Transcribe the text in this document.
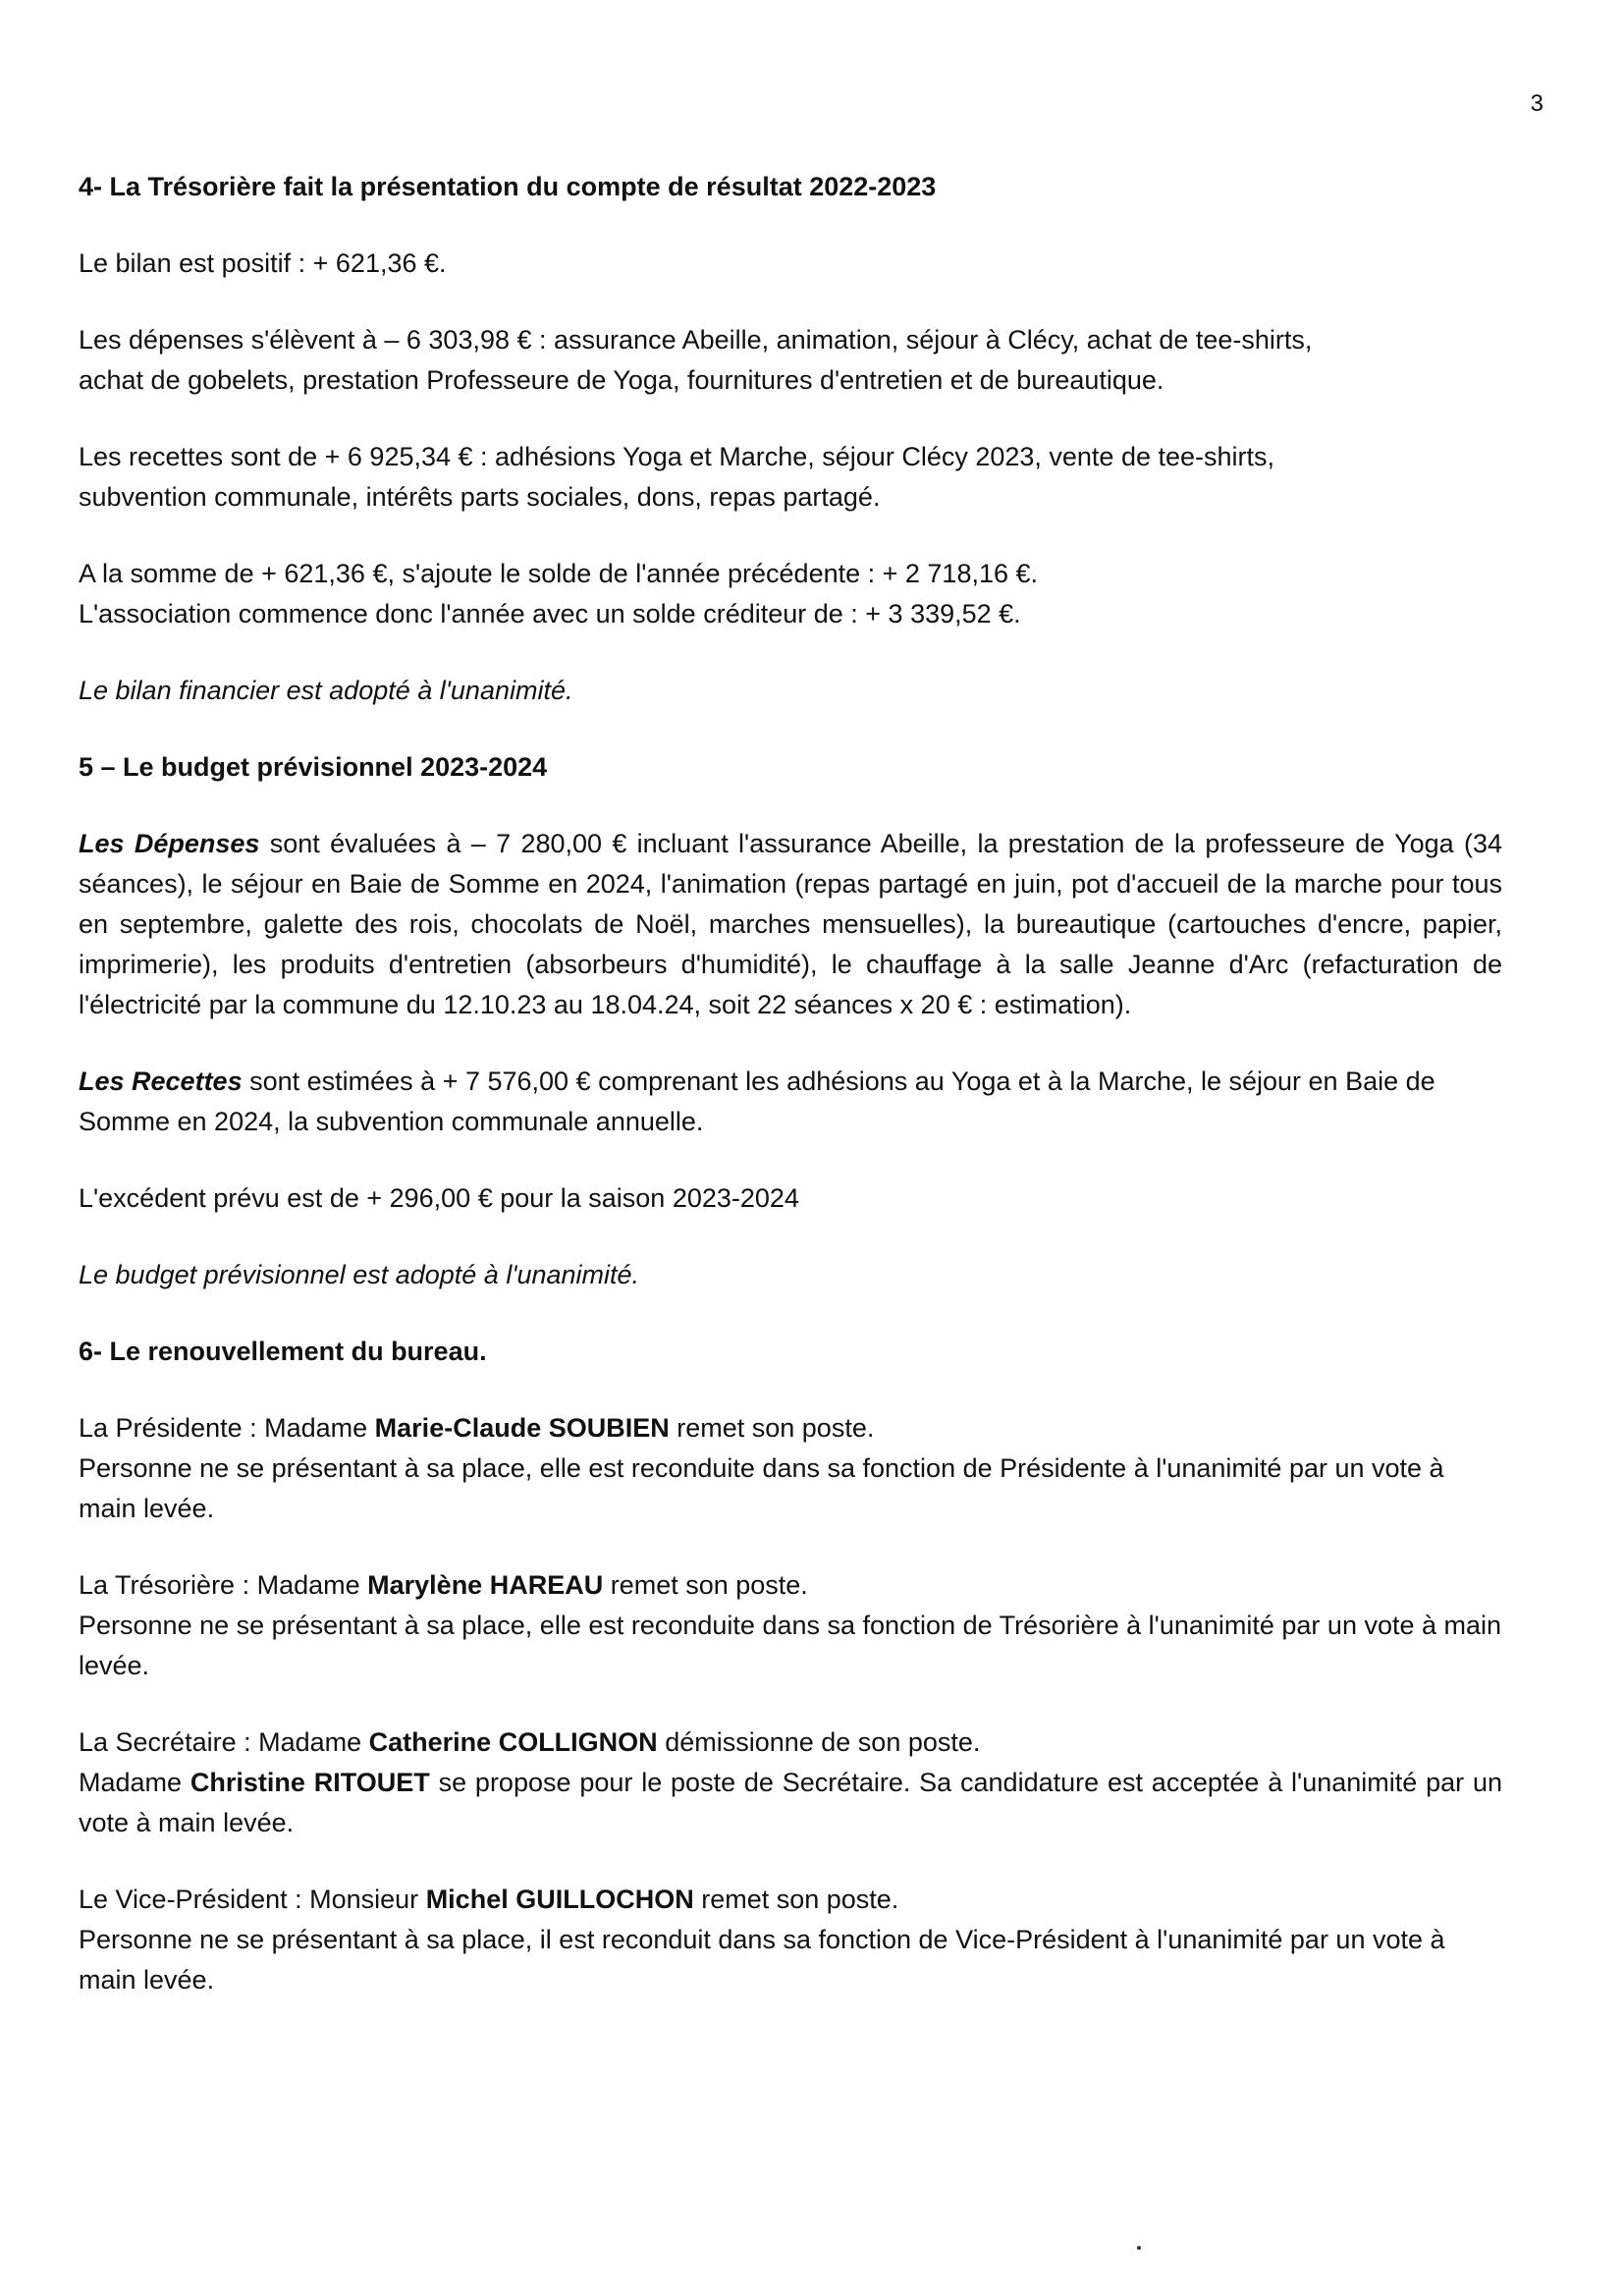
3
4- La Trésorière fait la présentation du compte de résultat 2022-2023
Le bilan est positif : + 621,36 €.
Les dépenses s'élèvent à – 6 303,98 € : assurance Abeille, animation, séjour à Clécy, achat de tee-shirts,
achat de gobelets, prestation Professeure de Yoga, fournitures d'entretien et de bureautique.
Les recettes sont de + 6 925,34 € : adhésions Yoga et Marche, séjour Clécy 2023, vente de tee-shirts,
subvention communale, intérêts parts sociales, dons, repas partagé.
A la somme de + 621,36 €, s'ajoute le solde de l'année précédente : + 2 718,16 €.
L'association commence donc l'année avec un solde créditeur de : + 3 339,52 €.
Le bilan financier est adopté à l'unanimité.
5 – Le budget prévisionnel 2023-2024
Les Dépenses sont évaluées à – 7 280,00 € incluant l'assurance Abeille, la prestation de la professeure de Yoga (34 séances), le séjour en Baie de Somme en 2024, l'animation (repas partagé en juin, pot d'accueil de la marche pour tous en septembre, galette des rois, chocolats de Noël, marches mensuelles), la bureautique (cartouches d'encre, papier, imprimerie), les produits d'entretien (absorbeurs d'humidité), le chauffage à la salle Jeanne d'Arc (refacturation de l'électricité par la commune du 12.10.23 au 18.04.24, soit 22 séances x 20 € : estimation).
Les Recettes sont estimées à + 7 576,00 € comprenant les adhésions au Yoga et à la Marche, le séjour en Baie de Somme en 2024, la subvention communale annuelle.
L'excédent prévu est de + 296,00 € pour la saison 2023-2024
Le budget prévisionnel est adopté à l'unanimité.
6- Le renouvellement du bureau.
La Présidente : Madame Marie-Claude SOUBIEN remet son poste.
Personne ne se présentant à sa place, elle est reconduite dans sa fonction de Présidente à l'unanimité par un vote à main levée.
La Trésorière : Madame Marylène HAREAU remet son poste.
Personne ne se présentant à sa place, elle est reconduite dans sa fonction de Trésorière à l'unanimité par un vote à main levée.
La Secrétaire : Madame Catherine COLLIGNON démissionne de son poste.
Madame Christine RITOUET se propose pour le poste de Secrétaire. Sa candidature est acceptée à l'unanimité par un vote à main levée.
Le Vice-Président : Monsieur Michel GUILLOCHON remet son poste.
Personne ne se présentant à sa place, il est reconduit dans sa fonction de Vice-Président à l'unanimité par un vote à main levée.
